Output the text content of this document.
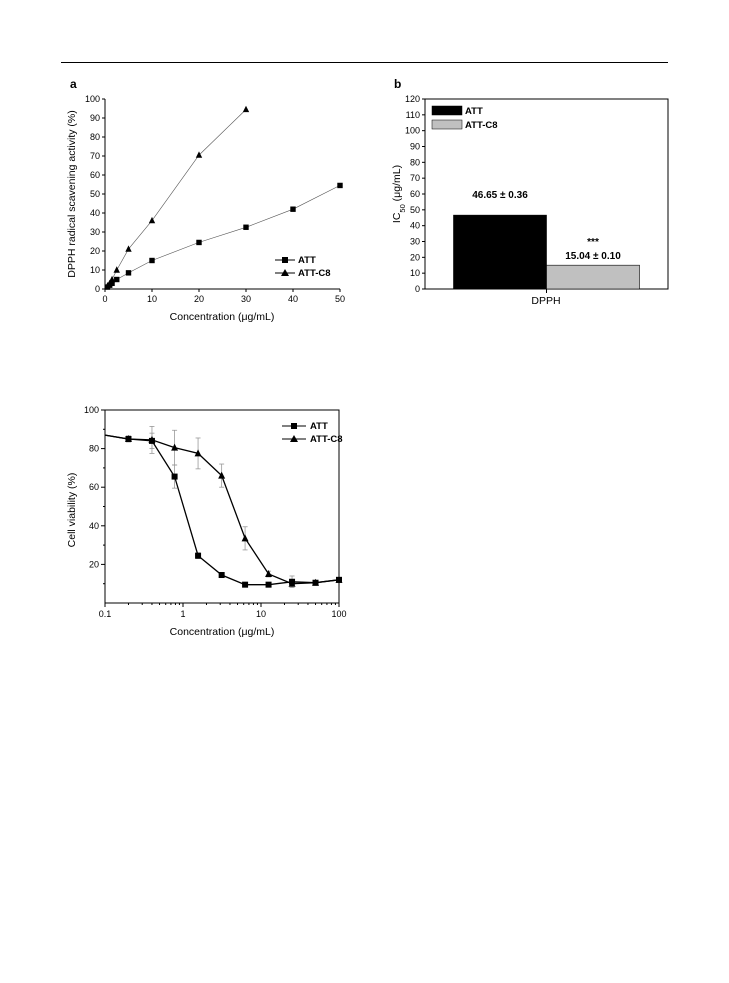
a
0
10
20
30
40
50
60
70
80
90
100
0	10	20	30	40	50
Concentration (μg/mL)
DPPH radical scavening activity (%)	ATT
ATT-C8
b
0
10
20
30
40
50
60
70
80
90
100
110
120
46.65 ± 0.36
15.04 ± 0.10
***
DPPH
$IC_{50}$ (μg/mL)
ATT
ATT-C8
20
40
60
80
100
0.1	1	10	100
Concentration (μg/mL)
Cell viability (%)
ATT
ATT-C8
